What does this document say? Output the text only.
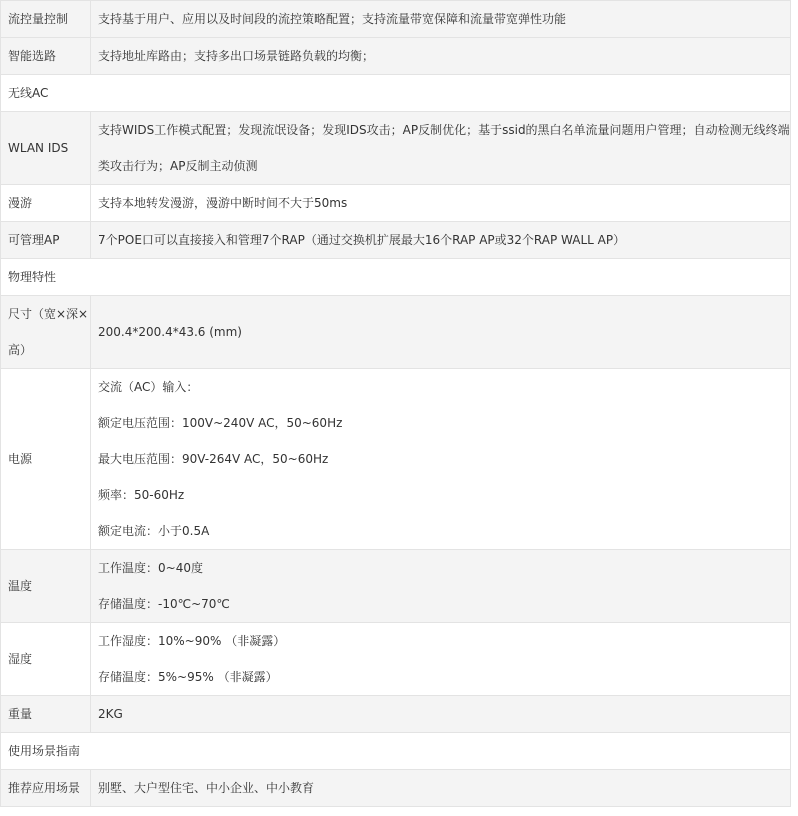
流控量控制	支持基于用户、应用以及时间段的流控策略配置；支持流量带宽保障和流量带宽弹性功能

智能选路	支持地址库路由；支持多出口场景链路负载的均衡；

无线AC	

WLAN IDS	支持WIDS工作模式配置；发现流氓设备；发现IDS攻击；AP反制优化；基于ssid的黑白名单流量问题用户管理；自动检测无线终端类攻击行为；AP反制主动侦测

漫游	支持本地转发漫游，漫游中断时间不大于50ms

可管理AP	7个POE口可以直接接入和管理7个RAP（通过交换机扩展最大16个RAP AP或32个RAP WALL AP）

物理特性	

尺寸（宽×深×高）	200.4*200.4*43.6 (mm)

电源	交流（AC）输入：
额定电压范围：100V~240V AC，50~60Hz
最大电压范围：90V-264V AC，50~60Hz
频率：50-60Hz
额定电流：小于0.5A

温度	工作温度：0~40度
存储温度：-10℃~70℃

湿度	工作湿度：10%~90% （非凝露）
存储温度：5%~95% （非凝露）

重量	2KG

使用场景指南	

推荐应用场景	别墅、大户型住宅、中小企业、中小教育
